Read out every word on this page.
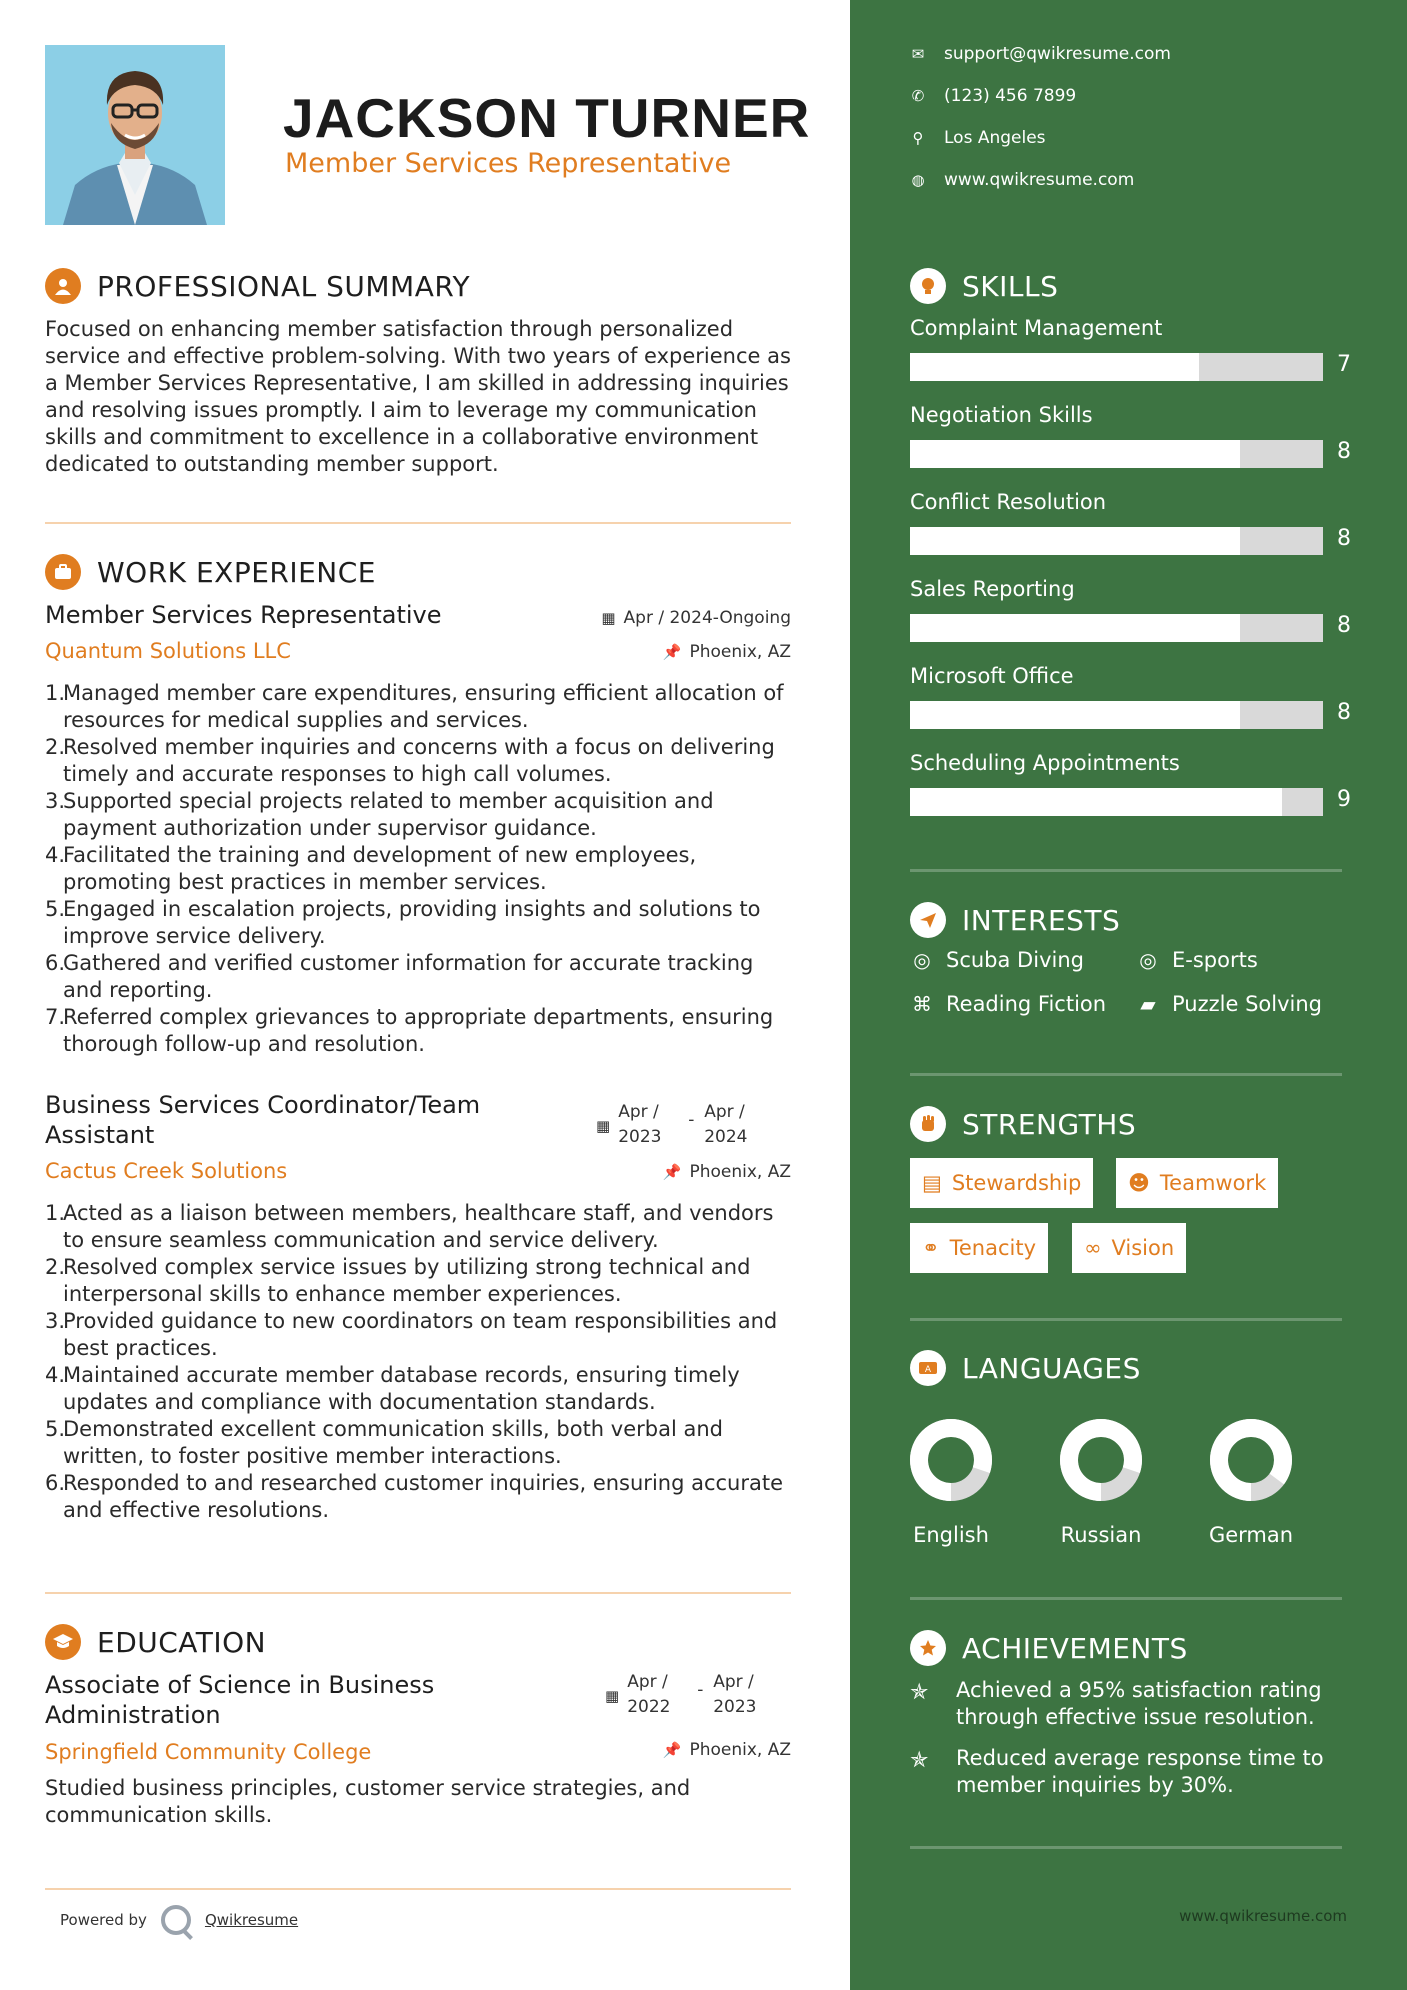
JACKSON TURNER
Member Services Representative
PROFESSIONAL SUMMARY
Focused on enhancing member satisfaction through personalized service and effective problem-solving. With two years of experience as a Member Services Representative, I am skilled in addressing inquiries and resolving issues promptly. I aim to leverage my communication skills and commitment to excellence in a collaborative environment dedicated to outstanding member support.
WORK EXPERIENCE
Member Services Representative	▦ Apr / 2024-Ongoing
Quantum Solutions LLC	📌 Phoenix, AZ
1.
Managed member care expenditures, ensuring efficient allocation of resources for medical supplies and services.
2.
Resolved member inquiries and concerns with a focus on delivering timely and accurate responses to high call volumes.
3.
Supported special projects related to member acquisition and payment authorization under supervisor guidance.
4.
Facilitated the training and development of new employees, promoting best practices in member services.
5.
Engaged in escalation projects, providing insights and solutions to improve service delivery.
6.
Gathered and verified customer information for accurate tracking and reporting.
7.
Referred complex grievances to appropriate departments, ensuring thorough follow-up and resolution.
Business Services Coordinator/Team Assistant	▦
Apr /
2023
- Apr /
2024
Cactus Creek Solutions	📌 Phoenix, AZ
1.
Acted as a liaison between members, healthcare staff, and vendors to ensure seamless communication and service delivery.
2.
Resolved complex service issues by utilizing strong technical and interpersonal skills to enhance member experiences.
3.
Provided guidance to new coordinators on team responsibilities and best practices.
4.
Maintained accurate member database records, ensuring timely updates and compliance with documentation standards.
5.
Demonstrated excellent communication skills, both verbal and written, to foster positive member interactions.
6.
Responded to and researched customer inquiries, ensuring accurate and effective resolutions.
EDUCATION
Associate of Science in Business Administration
▦
Apr /
2022
- Apr /
2023
Springfield Community College	📌 Phoenix, AZ
Studied business principles, customer service strategies, and communication skills.
Powered by	Qwikresume
✉ support@qwikresume.com
✆ (123) 456 7899
⚲ Los Angeles
◍ www.qwikresume.com
SKILLS
Complaint Management
7
Negotiation Skills
8
Conflict Resolution
8
Sales Reporting
8
Microsoft Office
8
Scheduling Appointments
9
INTERESTS
◎ Scuba Diving	◎ E-sports
⌘ Reading Fiction ▰ Puzzle Solving
STRENGTHS
▤ Stewardship ☻ Teamwork
⚭ Tenacity ∞ Vision
A LANGUAGES
English	Russian	German
ACHIEVEMENTS
✯	Achieved a 95% satisfaction rating through effective issue resolution.
✯	Reduced average response time to member inquiries by 30%.
www.qwikresume.com
